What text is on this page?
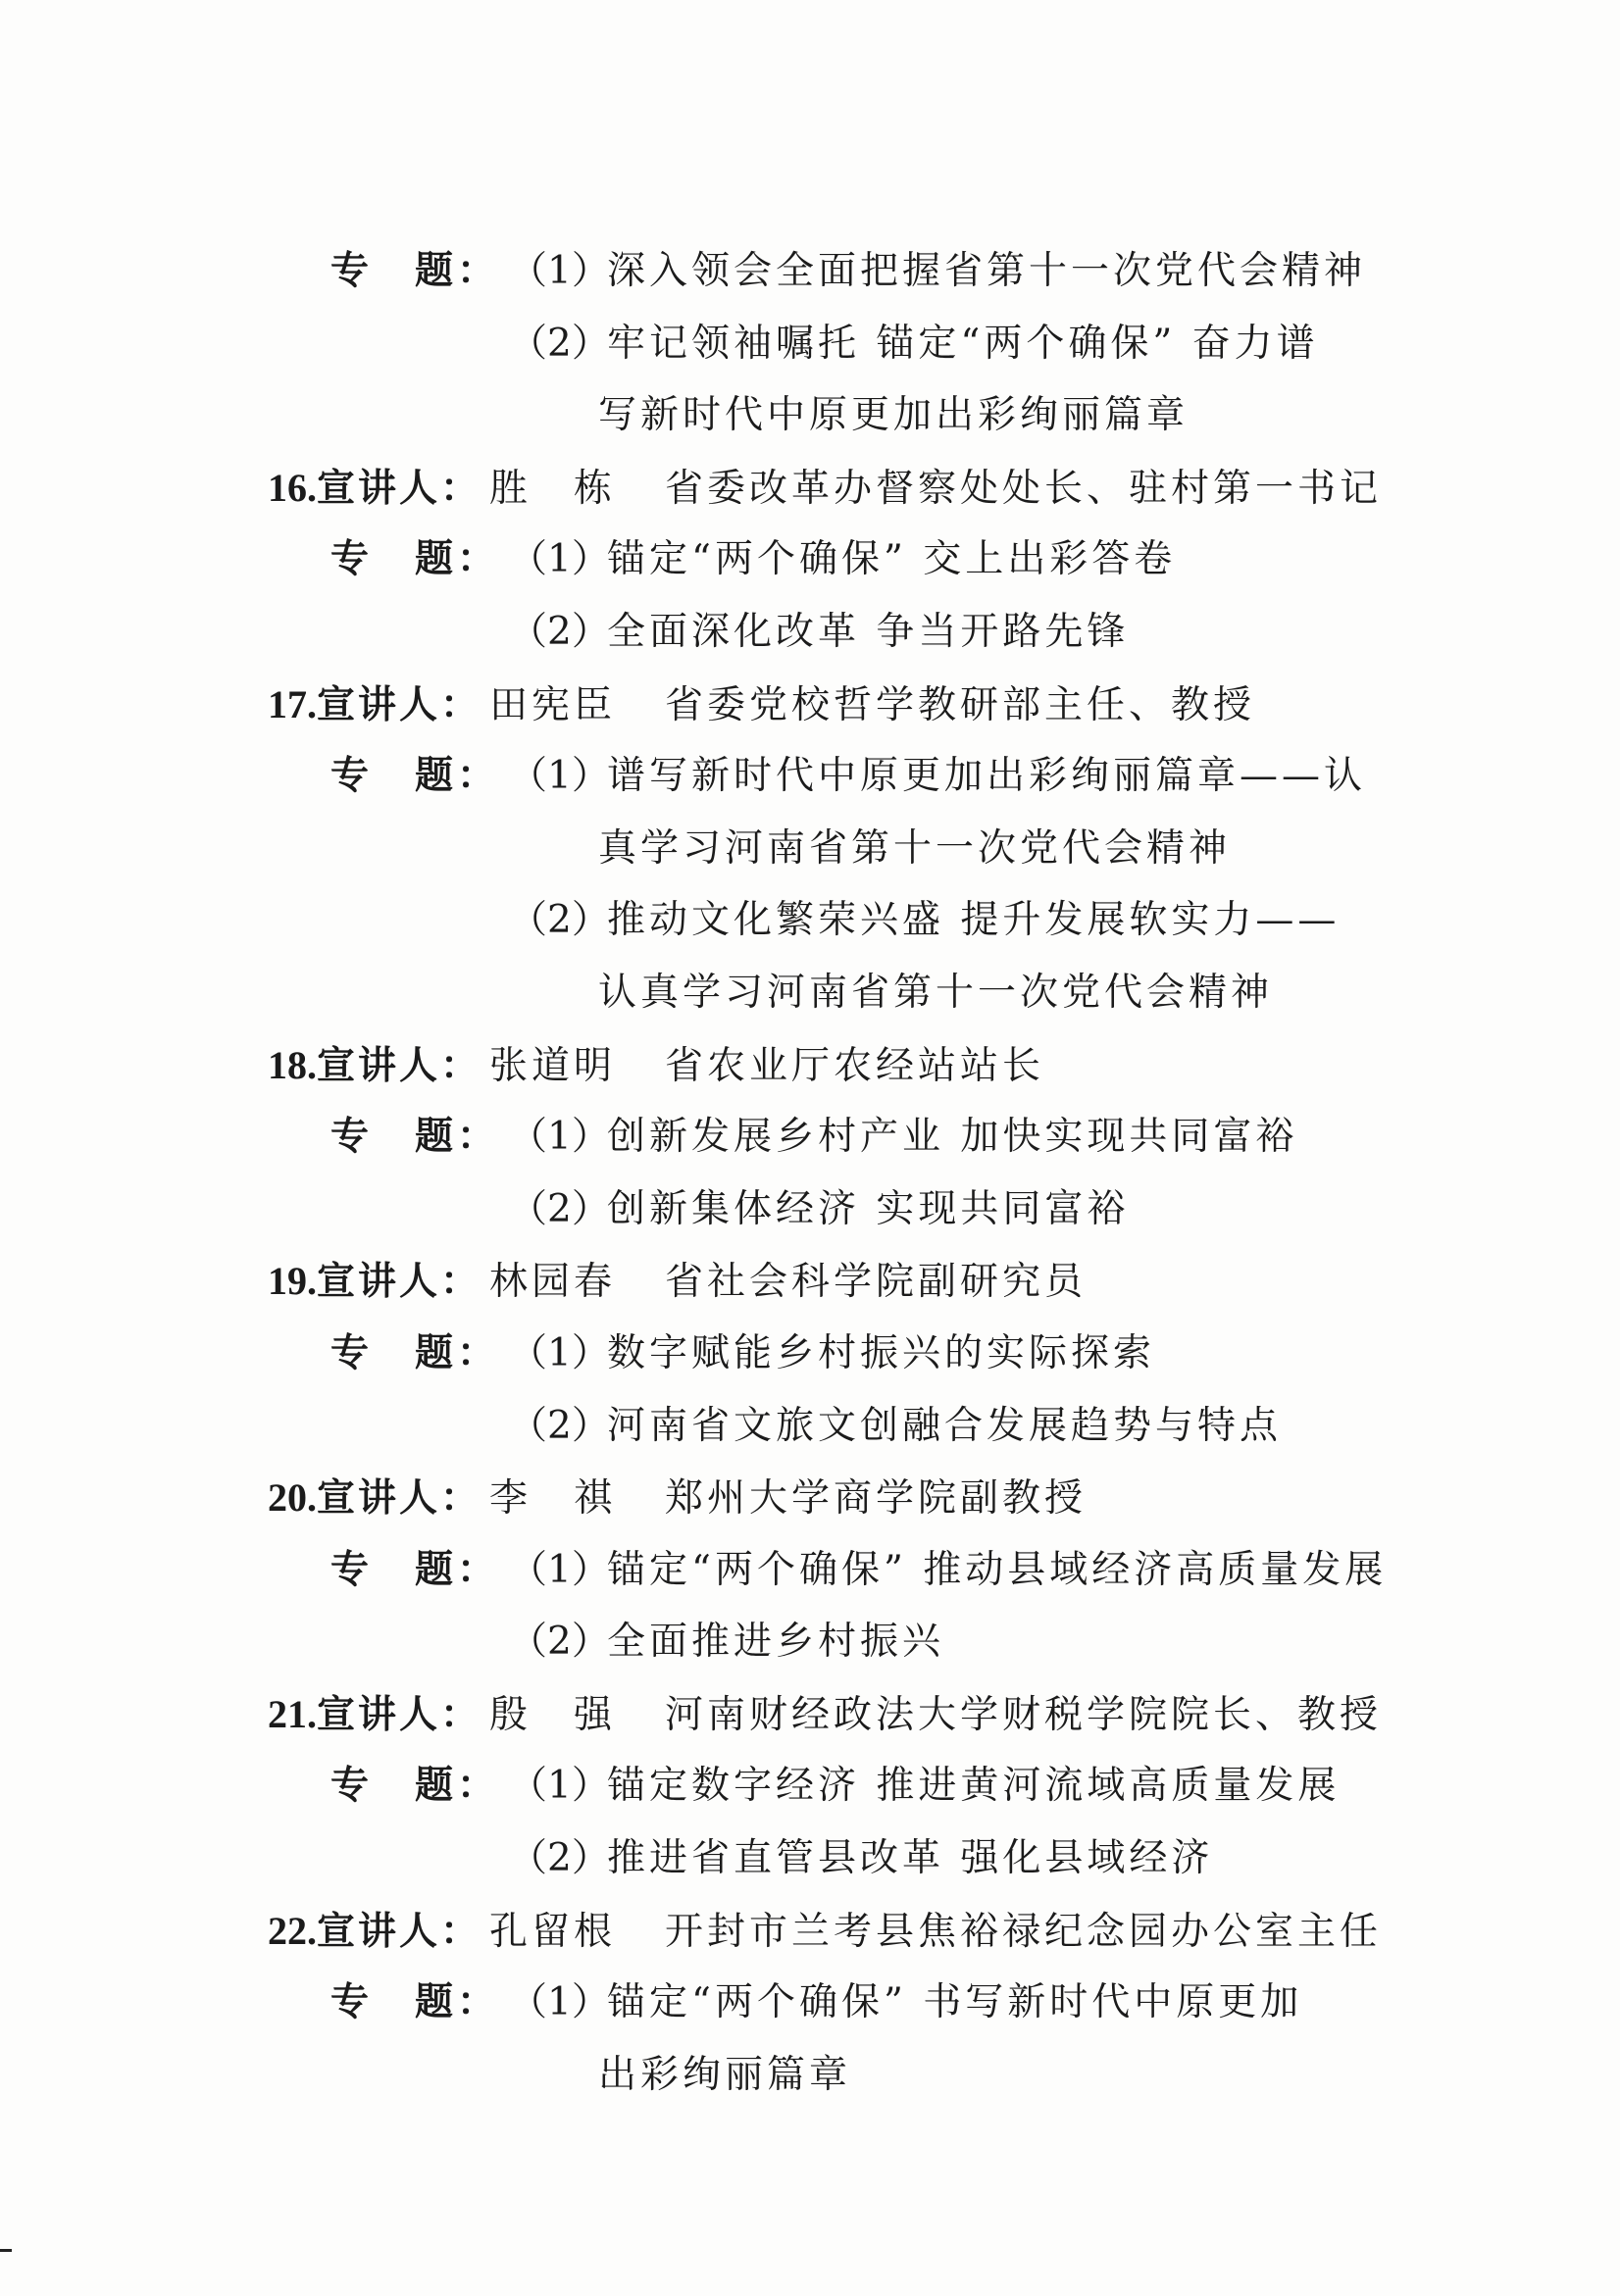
专　题： （1）深入领会全面把握省第十一次党代会精神
（2）牢记领袖嘱托 锚定“两个确保” 奋力谱
写新时代中原更加出彩绚丽篇章
16.宣讲人： 胜　栋 省委改革办督察处处长、驻村第一书记
专　题： （1）锚定“两个确保” 交上出彩答卷
（2）全面深化改革 争当开路先锋
17.宣讲人： 田宪臣 省委党校哲学教研部主任、教授
专　题： （1）谱写新时代中原更加出彩绚丽篇章——认
真学习河南省第十一次党代会精神
（2）推动文化繁荣兴盛 提升发展软实力——
认真学习河南省第十一次党代会精神
18.宣讲人： 张道明 省农业厅农经站站长
专　题： （1）创新发展乡村产业 加快实现共同富裕
（2）创新集体经济 实现共同富裕
19.宣讲人： 林园春 省社会科学院副研究员
专　题： （1）数字赋能乡村振兴的实际探索
（2）河南省文旅文创融合发展趋势与特点
20.宣讲人： 李　祺 郑州大学商学院副教授
专　题： （1）锚定“两个确保” 推动县域经济高质量发展
（2）全面推进乡村振兴
21.宣讲人： 殷　强 河南财经政法大学财税学院院长、教授
专　题： （1）锚定数字经济 推进黄河流域高质量发展
（2）推进省直管县改革 强化县域经济
22.宣讲人： 孔留根 开封市兰考县焦裕禄纪念园办公室主任
专　题： （1）锚定“两个确保” 书写新时代中原更加
出彩绚丽篇章
